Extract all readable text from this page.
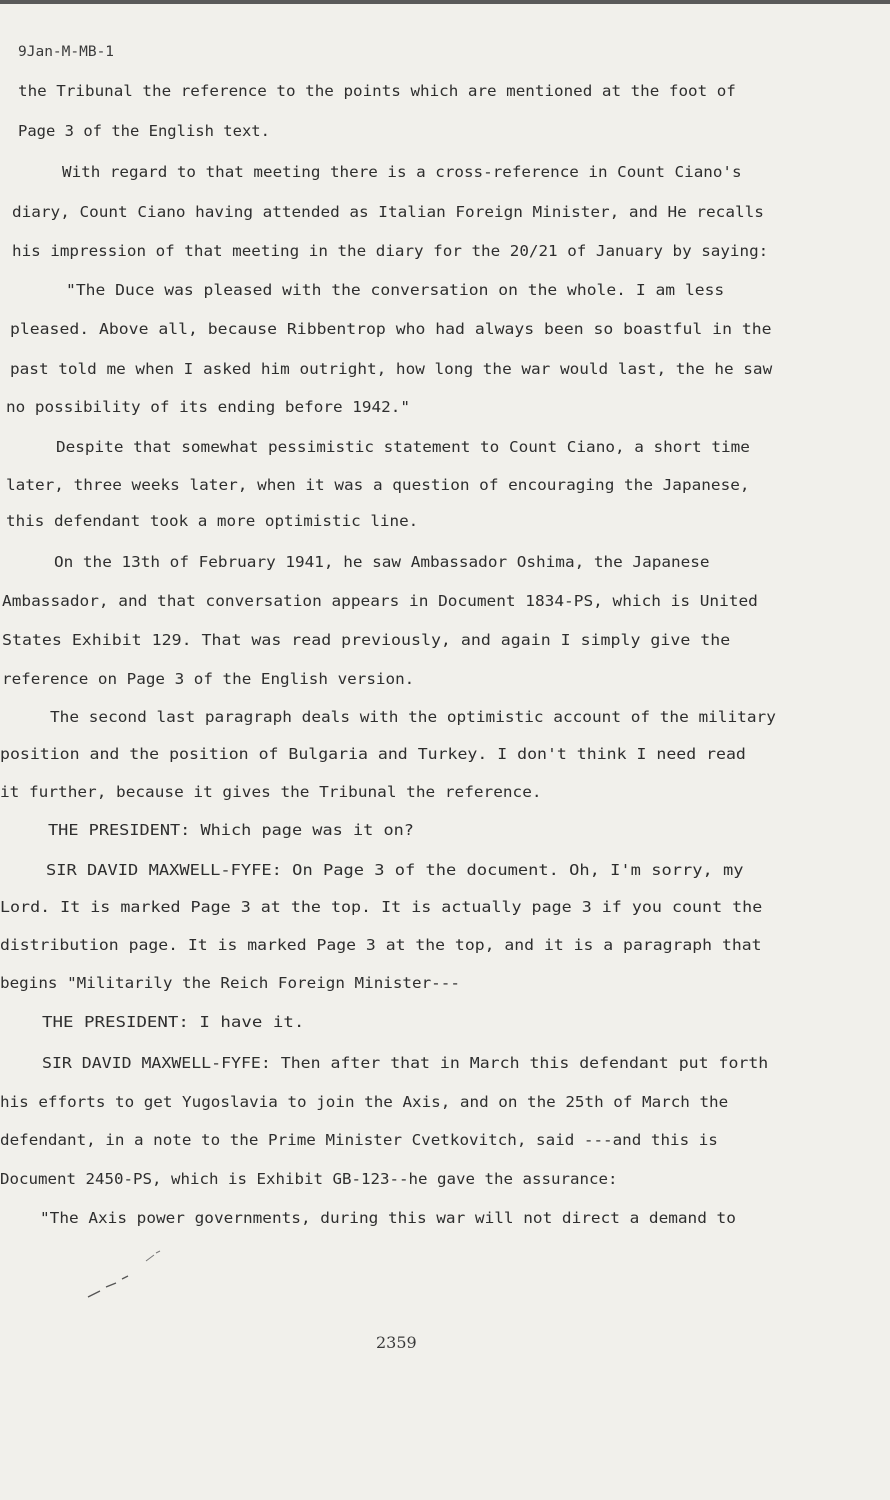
9Jan-M-MB-1
the Tribunal the reference to the points which are mentioned at the foot of
Page 3 of the English text.
With regard to that meeting there is a cross-reference in Count Ciano's
diary, Count Ciano having attended as Italian Foreign Minister, and He recalls
his impression of that meeting in the diary for the 20/21 of January by saying:
"The Duce was pleased with the conversation on the whole. I am less
pleased. Above all, because Ribbentrop who had always been so boastful in the
past told me when I asked him outright, how long the war would last, the he saw
no possibility of its ending before 1942."
Despite that somewhat pessimistic statement to Count Ciano, a short time
later, three weeks later, when it was a question of encouraging the Japanese,
this defendant took a more optimistic line.
On the 13th of February 1941, he saw Ambassador Oshima, the Japanese
Ambassador, and that conversation appears in Document 1834-PS, which is United
States Exhibit 129. That was read previously, and again I simply give the
reference on Page 3 of the English version.
The second last paragraph deals with the optimistic account of the military
position and the position of Bulgaria and Turkey. I don't think I need read
it further, because it gives the Tribunal the reference.
THE PRESIDENT: Which page was it on?
SIR DAVID MAXWELL-FYFE: On Page 3 of the document. Oh, I'm sorry, my
Lord. It is marked Page 3 at the top. It is actually page 3 if you count the
distribution page. It is marked Page 3 at the top, and it is a paragraph that
begins "Militarily the Reich Foreign Minister---
THE PRESIDENT: I have it.
SIR DAVID MAXWELL-FYFE: Then after that in March this defendant put forth
his efforts to get Yugoslavia to join the Axis, and on the 25th of March the
defendant, in a note to the Prime Minister Cvetkovitch, said ---and this is
Document 2450-PS, which is Exhibit GB-123--he gave the assurance:
"The Axis power governments, during this war will not direct a demand to
2359
